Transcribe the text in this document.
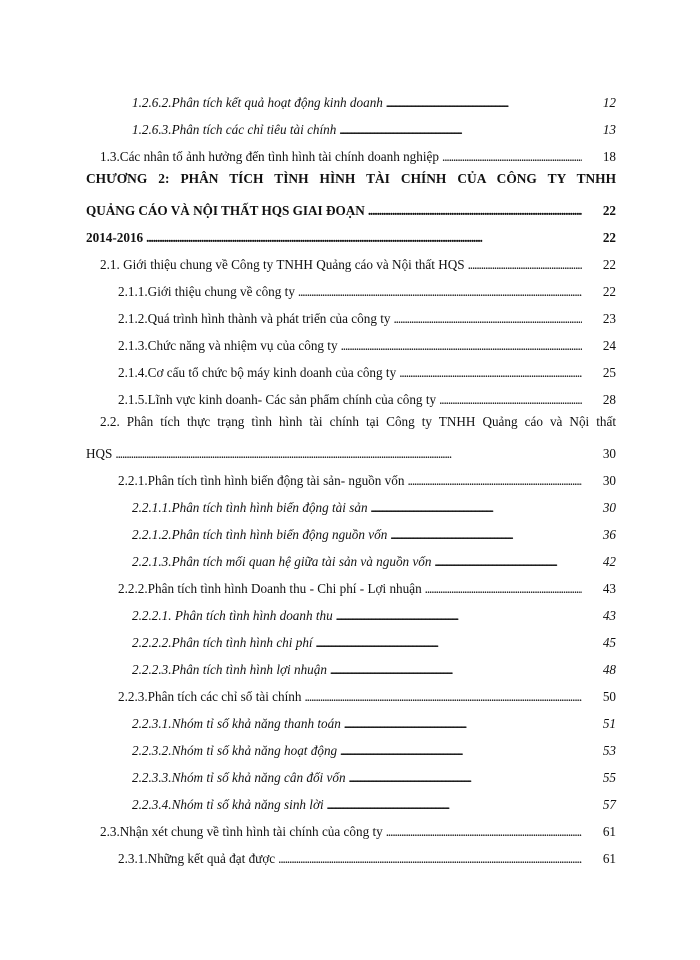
1.2.6.2.Phân tích kết quả hoạt động kinh doanh . . .	12
1.2.6.3.Phân tích các chỉ tiêu tài chính . . .	13
1.3.Các nhân tố ảnh hưởng đến tình hình tài chính doanh nghiệp . . .	18
CHƯƠNG 2: PHÂN TÍCH TÌNH HÌNH TÀI CHÍNH CỦA CÔNG TY TNHH
QUẢNG CÁO VÀ NỘI THẤT HQS GIAI ĐOẠN . . .	22
2014-2016 . . .	22
2.1. Giới thiệu chung về Công ty TNHH Quảng cáo và Nội thất HQS . . .	22
2.1.1.Giới thiệu chung về công ty . . .	22
2.1.2.Quá trình hình thành và phát triển của công ty . . .	23
2.1.3.Chức năng và nhiệm vụ của công ty . . .	24
2.1.4.Cơ cấu tổ chức bộ máy kinh doanh của công ty . . .	25
2.1.5.Lĩnh vực kinh doanh- Các sản phẩm chính của công ty . . .	28
2.2. Phân tích thực trạng tình hình tài chính tại Công ty TNHH Quảng cáo và Nội thất
HQS . . .	30
2.2.1.Phân tích tình hình biến động tài sản- nguồn vốn . . .	30
2.2.1.1.Phân tích tình hình biến động tài sản . . .	30
2.2.1.2.Phân tích tình hình biến động nguồn vốn . . .	36
2.2.1.3.Phân tích mối quan hệ giữa tài sản và nguồn vốn . . .	42
2.2.2.Phân tích tình hình Doanh thu - Chi phí - Lợi nhuận . . .	43
2.2.2.1. Phân tích tình hình doanh thu . . .	43
2.2.2.2.Phân tích tình hình chi phí . . .	45
2.2.2.3.Phân tích tình hình lợi nhuận . . .	48
2.2.3.Phân tích các chỉ số tài chính . . .	50
2.2.3.1.Nhóm tỉ số khả năng thanh toán . . .	51
2.2.3.2.Nhóm tỉ số khả năng hoạt động . . .	53
2.2.3.3.Nhóm tỉ số khả năng cân đối vốn . . .	55
2.2.3.4.Nhóm tỉ số khả năng sinh lời . . .	57
2.3.Nhận xét chung về tình hình tài chính của công ty . . .	61
2.3.1.Những kết quả đạt được . . .	61
